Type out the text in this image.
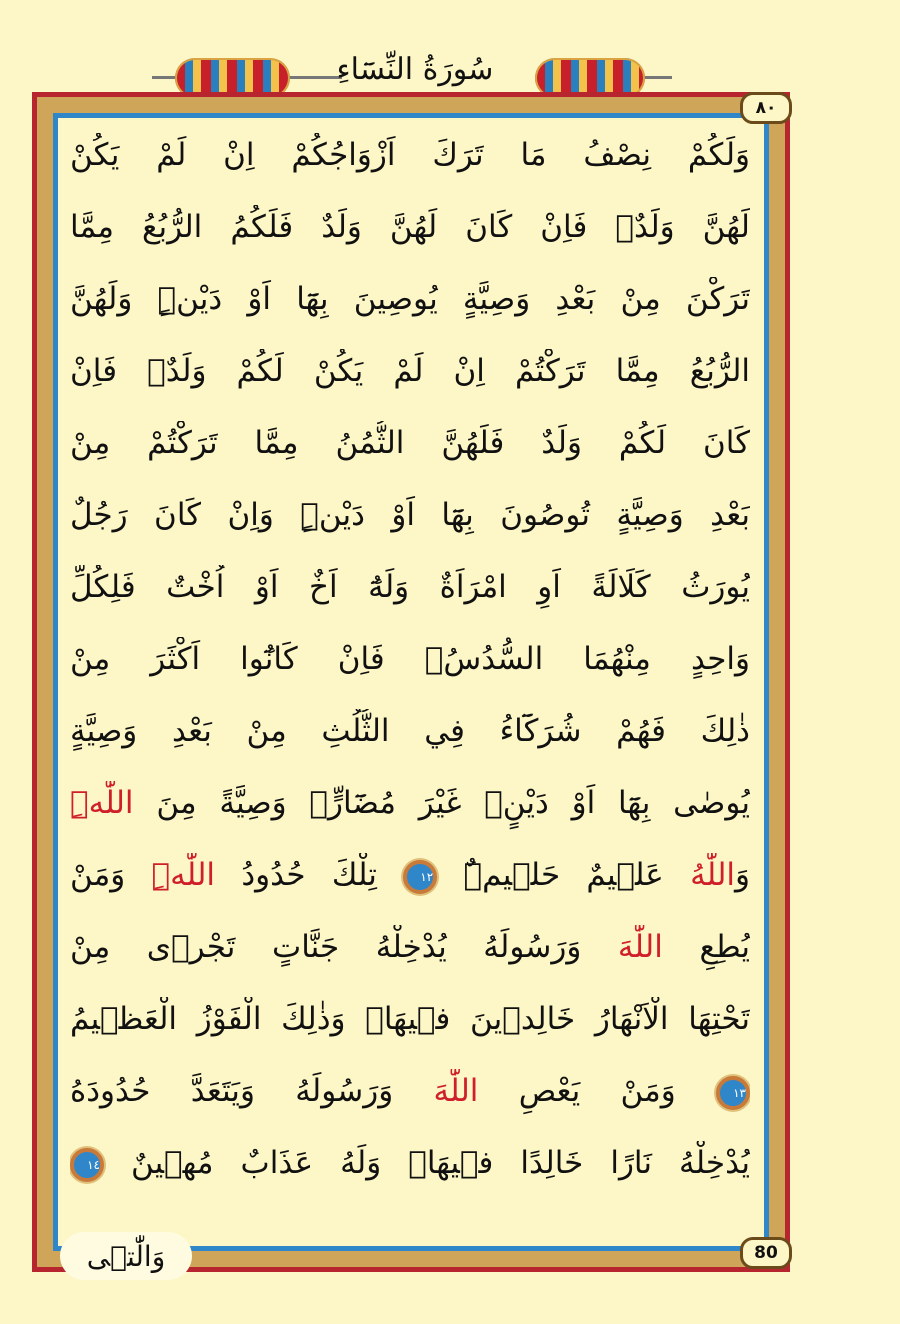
سُورَةُ النِّسَٓاءِ
٨٠
80
وَلَكُمْ نِصْفُ مَا تَرَكَ اَزْوَاجُكُمْ اِنْ لَمْ يَكُنْ
لَهُنَّ وَلَدٌۚ فَاِنْ كَانَ لَهُنَّ وَلَدٌ فَلَكُمُ الرُّبُعُ مِمَّا
تَرَكْنَ مِنْ بَعْدِ وَصِيَّةٍ يُوصِينَ بِهَٓا اَوْ دَيْنٍۜ وَلَهُنَّ
الرُّبُعُ مِمَّا تَرَكْتُمْ اِنْ لَمْ يَكُنْ لَكُمْ وَلَدٌۚ فَاِنْ
كَانَ لَكُمْ وَلَدٌ فَلَهُنَّ الثُّمُنُ مِمَّا تَرَكْتُمْ مِنْ
بَعْدِ وَصِيَّةٍ تُوصُونَ بِهَٓا اَوْ دَيْنٍۜ وَاِنْ كَانَ رَجُلٌ
يُورَثُ كَلَالَةً اَوِ امْرَاَةٌ وَلَهُٓ اَخٌ اَوْ اُخْتٌ فَلِكُلِّ
وَاحِدٍ مِنْهُمَا السُّدُسُۚ فَاِنْ كَانُٓوا اَكْثَرَ مِنْ
ذٰلِكَ فَهُمْ شُرَكَٓاءُ فِي الثُّلُثِ مِنْ بَعْدِ وَصِيَّةٍ
يُوصٰى بِهَٓا اَوْ دَيْنٍۙ غَيْرَ مُضَٓارٍّۚ وَصِيَّةً مِنَ اللّٰهِۜ
وَاللّٰهُ عَلٖيمٌ حَلٖيمٌۜ ١٢ تِلْكَ حُدُودُ اللّٰهِۜ وَمَنْ
يُطِعِ اللّٰهَ وَرَسُولَهُ يُدْخِلْهُ جَنَّاتٍ تَجْرٖى مِنْ
تَحْتِهَا الْاَنْهَارُ خَالِدٖينَ فٖيهَاۜ وَذٰلِكَ الْفَوْزُ الْعَظٖيمُ
١٣ وَمَنْ يَعْصِ اللّٰهَ وَرَسُولَهُ وَيَتَعَدَّ حُدُودَهُ
يُدْخِلْهُ نَارًا خَالِدًا فٖيهَاۖ وَلَهُ عَذَابٌ مُهٖينٌ ١٤
وَالّٰتٖى
